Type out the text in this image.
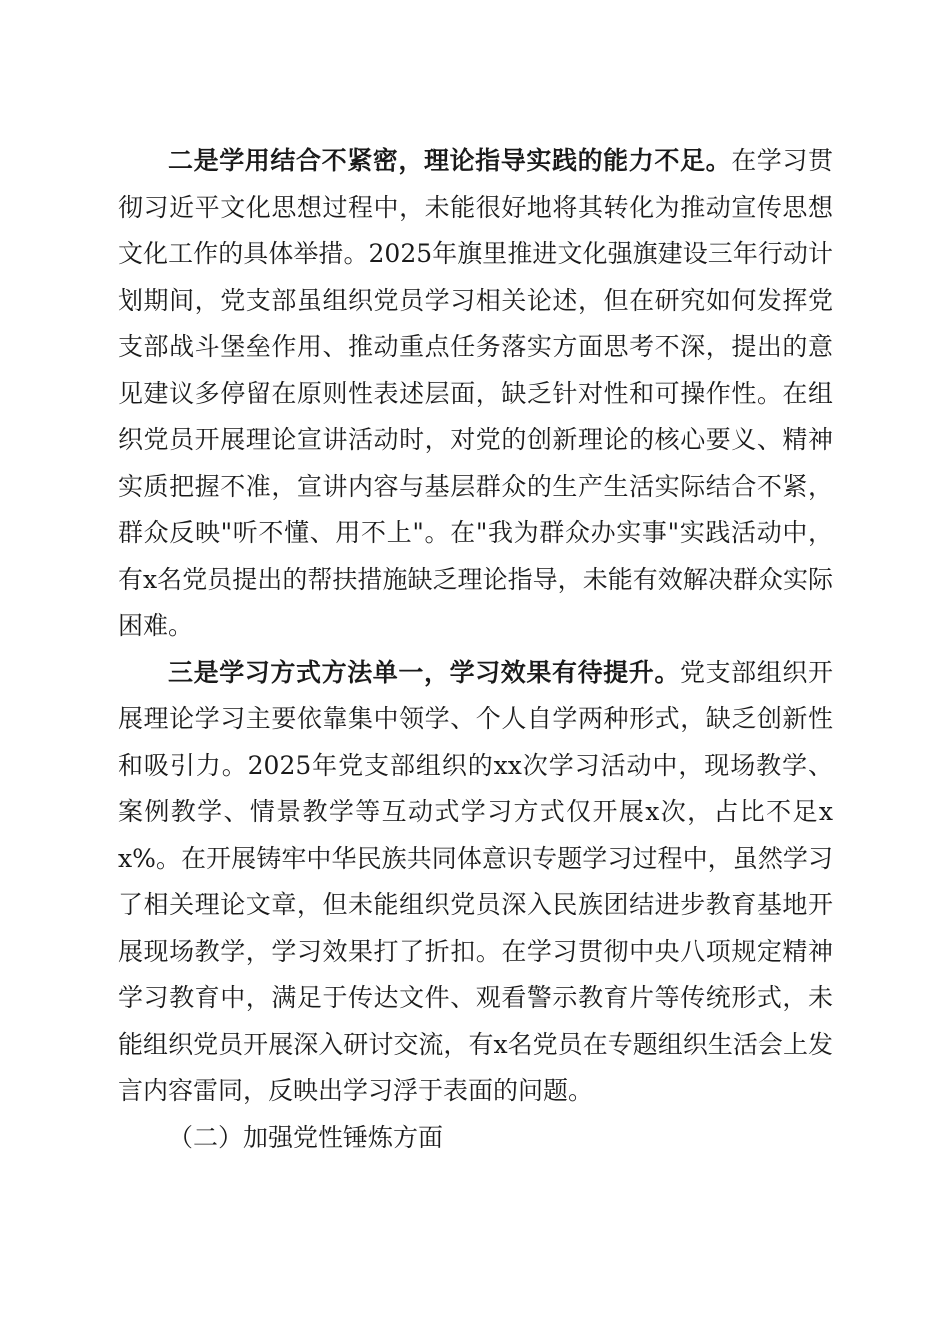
二是学用结合不紧密，理论指导实践的能力不足。在学习贯彻习近平文化思想过程中，未能很好地将其转化为推动宣传思想文化工作的具体举措。2025年旗里推进文化强旗建设三年行动计划期间，党支部虽组织党员学习相关论述，但在研究如何发挥党支部战斗堡垒作用、推动重点任务落实方面思考不深，提出的意见建议多停留在原则性表述层面，缺乏针对性和可操作性。在组织党员开展理论宣讲活动时，对党的创新理论的核心要义、精神实质把握不准，宣讲内容与基层群众的生产生活实际结合不紧，群众反映"听不懂、用不上"。在"我为群众办实事"实践活动中，有x名党员提出的帮扶措施缺乏理论指导，未能有效解决群众实际困难。

三是学习方式方法单一，学习效果有待提升。党支部组织开展理论学习主要依靠集中领学、个人自学两种形式，缺乏创新性和吸引力。2025年党支部组织的xx次学习活动中，现场教学、案例教学、情景教学等互动式学习方式仅开展x次，占比不足xx%。在开展铸牢中华民族共同体意识专题学习过程中，虽然学习了相关理论文章，但未能组织党员深入民族团结进步教育基地开展现场教学，学习效果打了折扣。在学习贯彻中央八项规定精神学习教育中，满足于传达文件、观看警示教育片等传统形式，未能组织党员开展深入研讨交流，有x名党员在专题组织生活会上发言内容雷同，反映出学习浮于表面的问题。

（二）加强党性锤炼方面
